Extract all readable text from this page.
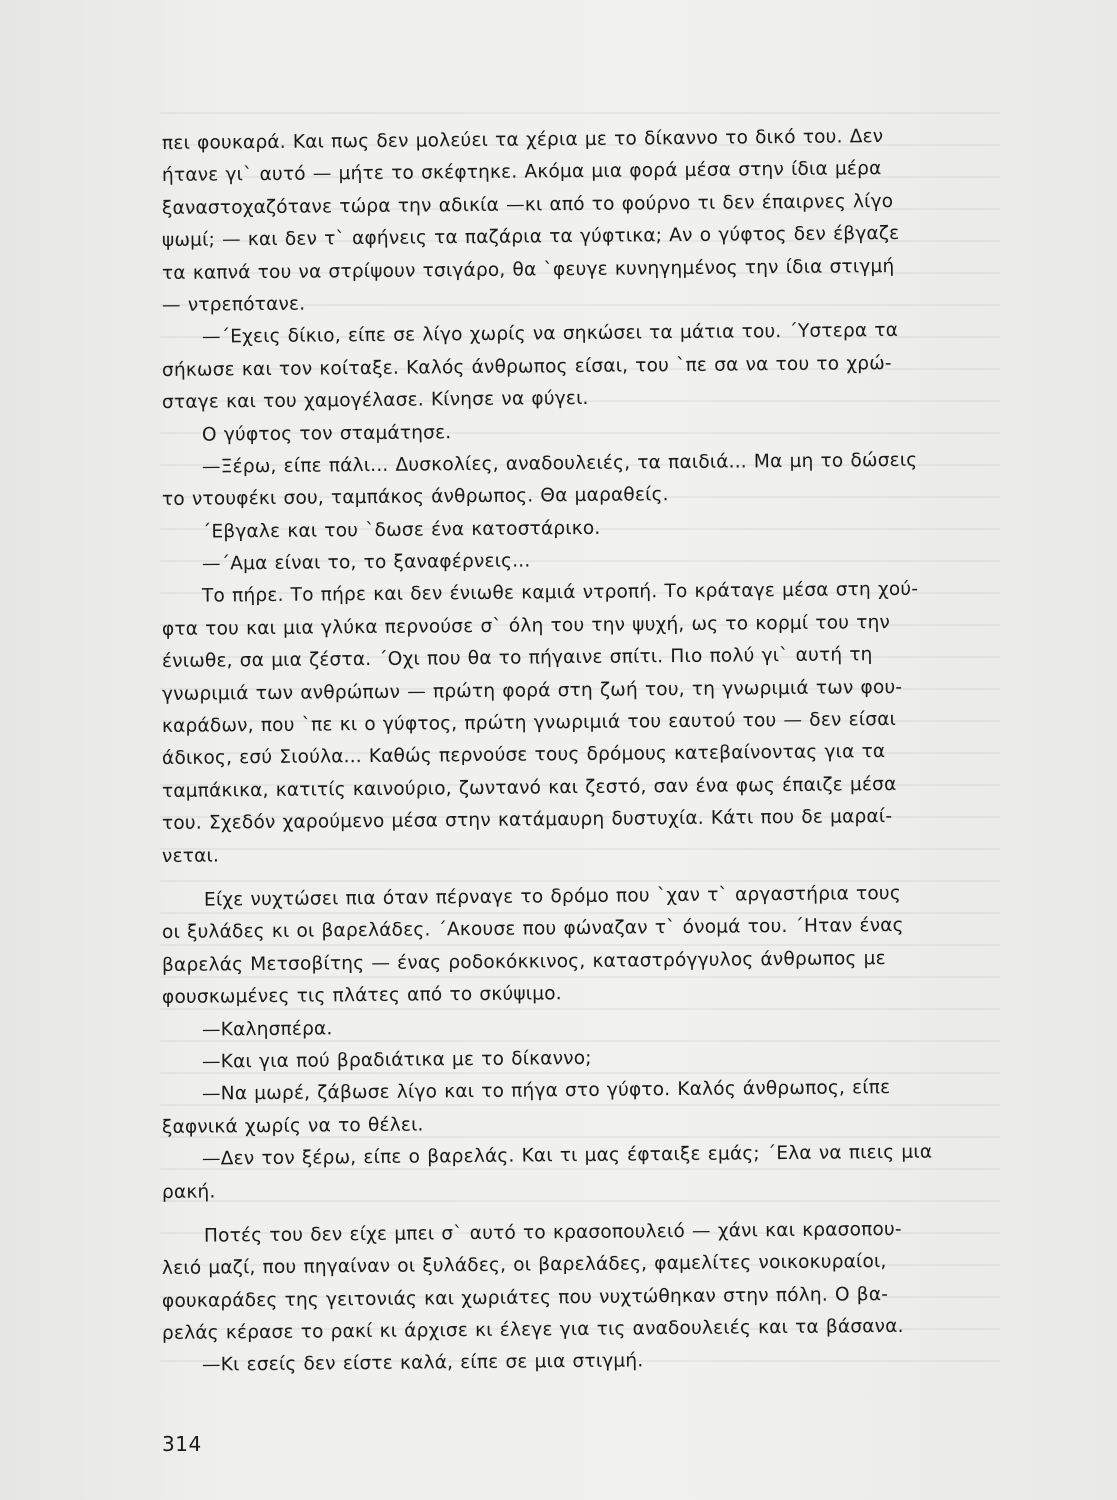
πει φουκαρά. Και πως δεν μολεύει τα χέρια με το δίκαννο το δικό του. Δεν
ήτανε γι` αυτό — μήτε το σκέφτηκε. Ακόμα μια φορά μέσα στην ίδια μέρα
ξαναστοχαζότανε τώρα την αδικία —κι από το φούρνο τι δεν έπαιρνες λίγο
ψωμί; — και δεν τ` αφήνεις τα παζάρια τα γύφτικα; Αν ο γύφτος δεν έβγαζε
τα καπνά του να στρίψουν τσιγάρο, θα `φευγε κυνηγημένος την ίδια στιγμή
— ντρεπότανε.
—΄Εχεις δίκιο, είπε σε λίγο χωρίς να σηκώσει τα μάτια του. ΄Υστερα τα
σήκωσε και τον κοίταξε. Καλός άνθρωπος είσαι, του `πε σα να του το χρώ-
σταγε και του χαμογέλασε. Κίνησε να φύγει.
Ο γύφτος τον σταμάτησε.
—Ξέρω, είπε πάλι... Δυσκολίες, αναδουλειές, τα παιδιά... Μα μη το δώσεις
το ντουφέκι σου, ταμπάκος άνθρωπος. Θα μαραθείς.
΄Εβγαλε και του `δωσε ένα κατοστάρικο.
—΄Αμα είναι το, το ξαναφέρνεις...
Το πήρε. Το πήρε και δεν ένιωθε καμιά ντροπή. Το κράταγε μέσα στη χού-
φτα του και μια γλύκα περνούσε σ` όλη του την ψυχή, ως το κορμί του την
ένιωθε, σα μια ζέστα. ΄Οχι που θα το πήγαινε σπίτι. Πιο πολύ γι` αυτή τη
γνωριμιά των ανθρώπων — πρώτη φορά στη ζωή του, τη γνωριμιά των φου-
καράδων, που `πε κι ο γύφτος, πρώτη γνωριμιά του εαυτού του — δεν είσαι
άδικος, εσύ Σιούλα... Καθώς περνούσε τους δρόμους κατεβαίνοντας για τα
ταμπάκικα, κατιτίς καινούριο, ζωντανό και ζεστό, σαν ένα φως έπαιζε μέσα
του. Σχεδόν χαρούμενο μέσα στην κατάμαυρη δυστυχία. Κάτι που δε μαραί-
νεται.
Είχε νυχτώσει πια όταν πέρναγε το δρόμο που `χαν τ` αργαστήρια τους
οι ξυλάδες κι οι βαρελάδες. ΄Ακουσε που φώναζαν τ` όνομά του. ΄Ηταν ένας
βαρελάς Μετσοβίτης — ένας ροδοκόκκινος, καταστρόγγυλος άνθρωπος με
φουσκωμένες τις πλάτες από το σκύψιμο.
—Καλησπέρα.
—Και για πού βραδιάτικα με το δίκαννο;
—Να μωρέ, ζάβωσε λίγο και το πήγα στο γύφτο. Καλός άνθρωπος, είπε
ξαφνικά χωρίς να το θέλει.
—Δεν τον ξέρω, είπε ο βαρελάς. Και τι μας έφταιξε εμάς; ΄Ελα να πιεις μια
ρακή.
Ποτές του δεν είχε μπει σ` αυτό το κρασοπουλειό — χάνι και κρασοπου-
λειό μαζί, που πηγαίναν οι ξυλάδες, οι βαρελάδες, φαμελίτες νοικοκυραίοι,
φουκαράδες της γειτονιάς και χωριάτες που νυχτώθηκαν στην πόλη. Ο βα-
ρελάς κέρασε το ρακί κι άρχισε κι έλεγε για τις αναδουλειές και τα βάσανα.
—Κι εσείς δεν είστε καλά, είπε σε μια στιγμή.
314
